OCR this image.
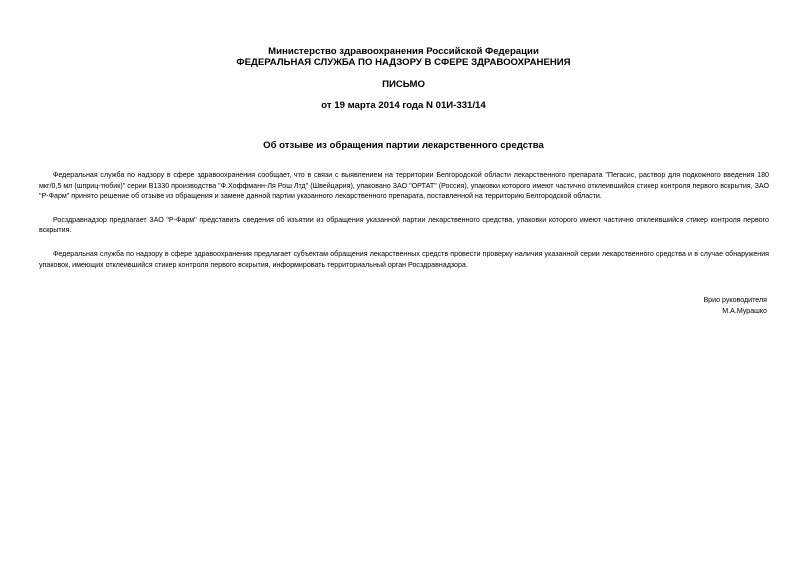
Министерство здравоохранения Российской Федерации
ФЕДЕРАЛЬНАЯ СЛУЖБА ПО НАДЗОРУ В СФЕРЕ ЗДРАВООХРАНЕНИЯ
ПИСЬМО
от 19 марта 2014 года N 01И-331/14
Об отзыве из обращения партии лекарственного средства

Федеральная служба по надзору в сфере здравоохранения сообщает, что в связи с выявлением на территории Белгородской области лекарственного препарата "Пегасис, раствор для подкожного введения 180 мкг/0,5 мл (шприц-тюбик)" серии В1330 производства "Ф.Хоффманн-Ля Рош Лтд" (Швейцария), упаковано ЗАО "ОРТАТ" (Россия), упаковки которого имеют частично отклеившийся стикер контроля первого вскрытия, ЗАО "Р-Фарм" принято решение об отзыве из обращения и замене данной партии указанного лекарственного препарата, поставленной на территорию Белгородской области.

Росздравнадзор предлагает ЗАО "Р-Фарм" представить сведения об изъятии из обращения указанной партии лекарственного средства, упаковки которого имеют частично отклеившийся стикер контроля первого вскрытия.

Федеральная служба по надзору в сфере здравоохранения предлагает субъектам обращения лекарственных средств провести проверку наличия указанной серии лекарственного средства и в случае обнаружения упаковок, имеющих отклеившийся стикер контроля первого вскрытия, информировать территориальный орган Росздравнадзора.

Врио руководителя
М.А.Мурашко
